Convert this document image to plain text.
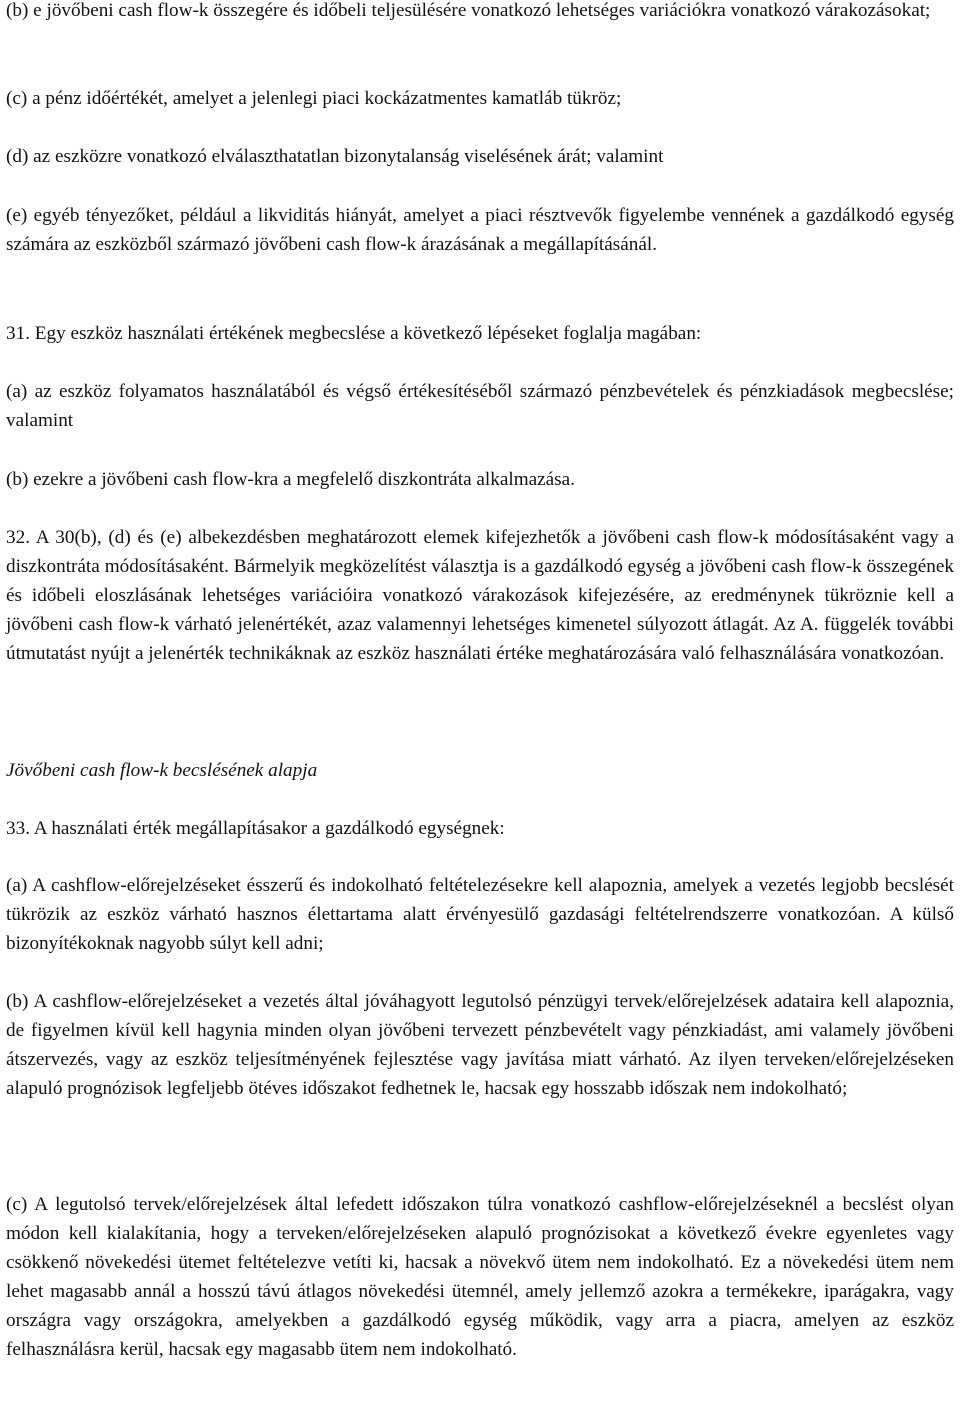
(b) e jövőbeni cash flow-k összegére és időbeli teljesülésére vonatkozó lehetséges variációkra vonatkozó várakozásokat;

(c) a pénz időértékét, amelyet a jelenlegi piaci kockázatmentes kamatláb tükröz;

(d) az eszközre vonatkozó elválaszthatatlan bizonytalanság viselésének árát; valamint

(e) egyéb tényezőket, például a likviditás hiányát, amelyet a piaci résztvevők figyelembe vennének a gazdálkodó egység számára az eszközből származó jövőbeni cash flow-k árazásának a megállapításánál.

31. Egy eszköz használati értékének megbecslése a következő lépéseket foglalja magában:

(a) az eszköz folyamatos használatából és végső értékesítéséből származó pénzbevételek és pénzkiadások megbecslése; valamint

(b) ezekre a jövőbeni cash flow-kra a megfelelő diszkontráta alkalmazása.

32. A 30(b), (d) és (e) albekezdésben meghatározott elemek kifejezhetők a jövőbeni cash flow-k módosításaként vagy a diszkontráta módosításaként. Bármelyik megközelítést választja is a gazdálkodó egység a jövőbeni cash flow-k összegének és időbeli eloszlásának lehetséges variációira vonatkozó várakozások kifejezésére, az eredménynek tükröznie kell a jövőbeni cash flow-k várható jelenértékét, azaz valamennyi lehetséges kimenetel súlyozott átlagát. Az A. függelék további útmutatást nyújt a jelenérték technikáknak az eszköz használati értéke meghatározására való felhasználására vonatkozóan.

Jövőbeni cash flow-k becslésének alapja

33. A használati érték megállapításakor a gazdálkodó egységnek:

(a) A cashflow-előrejelzéseket ésszerű és indokolható feltételezésekre kell alapoznia, amelyek a vezetés legjobb becslését tükrözik az eszköz várható hasznos élettartama alatt érvényesülő gazdasági feltételrendszerre vonatkozóan. A külső bizonyítékoknak nagyobb súlyt kell adni;

(b) A cashflow-előrejelzéseket a vezetés által jóváhagyott legutolsó pénzügyi tervek/előrejelzések adataira kell alapoznia, de figyelmen kívül kell hagynia minden olyan jövőbeni tervezett pénzbevételt vagy pénzkiadást, ami valamely jövőbeni átszervezés, vagy az eszköz teljesítményének fejlesztése vagy javítása miatt várható. Az ilyen terveken/előrejelzéseken alapuló prognózisok legfeljebb ötéves időszakot fedhetnek le, hacsak egy hosszabb időszak nem indokolható;

(c) A legutolsó tervek/előrejelzések által lefedett időszakon túlra vonatkozó cashflow-előrejelzéseknél a becslést olyan módon kell kialakítania, hogy a terveken/előrejelzéseken alapuló prognózisokat a következő évekre egyenletes vagy csökkenő növekedési ütemet feltételezve vetíti ki, hacsak a növekvő ütem nem indokolható. Ez a növekedési ütem nem lehet magasabb annál a hosszú távú átlagos növekedési ütemnél, amely jellemző azokra a termékekre, iparágakra, vagy országra vagy országokra, amelyekben a gazdálkodó egység működik, vagy arra a piacra, amelyen az eszköz felhasználásra kerül, hacsak egy magasabb ütem nem indokolható.
